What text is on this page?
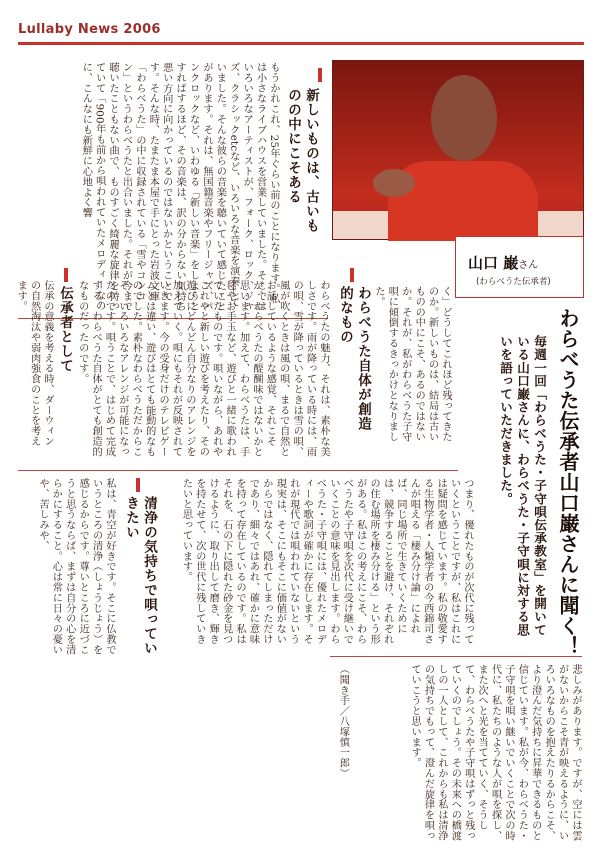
Lullaby News 2006
新しいものは、古いものの中にこそある
もうかれこれ、25年ぐらい前のことになります。私は小さなライブハウスを営業していました。そこではいろいろなアーティストが、フォーク、ロック、ジャズ、クラシックetcなど、いろいろな音楽を演奏していました。そんな彼らの音楽を聴いていて感じたことがあります。それは、無国籍音楽やフリージャズ、パンクロックなど、いわゆる「新しい音楽」をしようとすればするほど、その音楽は、訳の分からない気持ち悪い方向に向かっているのではないかということです。そんな時、たまたま本屋で手にとった岩波文庫「わらべうた」の中に収録されている「雪やコンコン」というわらべうたと出合いました。それが今まで聴いたこともない曲で、ものすごく綺麗な旋律を持っていて「900年も前から唄われていたメロディーなのに、こんなにも新鮮に心地よく響
山口 巌さん
(わらべうた伝承者)
伝承者として
伝承の意義を考える時、ダーウィンの自然淘汰や弱肉強食のことを考えます。	わらべうた自体が創造的なもの
わらべうたの魅力、それは、素朴な美しさです。雨が降っている時には、雨の唄、雪が降っているときは雪の唄、風が吹くときは風の唄、まるで自然とお話しているような感覚、それこそが、わらべうたの醍醐味ではないかと思います。加えて、わらべうたは、手毬やお手玉など、遊びと一緒に歌われていたものです。唄いながら、あれやこれやと新しい遊びを考えたり、その遊びにどんどん自分なりのアレンジを加えていく。唄にもそれが反映されていきます。今の受身だけのテレビゲームとは違い、遊びはとても能動的なものでした。素朴なわらべうただからこそ、いろいろなアレンジが可能になったのです。唄うことで、はじめて完成する。わらべうた自体がとても創造的なものだったのです。	く」どうしてこれほど残ってきたのか。新しいものは、結局は古いものの中にこそ、あるのではないか。それが、私がわらべうた子守唄に傾倒するきっかけとなりました。
わらべうた伝承者山口巌さんに聞く！
毎週一回「わらべうた・子守唄伝承教室」を開いている山口巌さんに、わらべうた・子守唄に対する思いを語っていただきました。
つまり、優れたものが次代に残っていくということですが、私はこれには疑問を感じています。私の敬愛する生物学者・人類学者の今西錦司さんが唱える「棲み分け論」によれば、同じ場所で生きていくためには、競争することを避け、それぞれの住む場所を棲み分ける」という形がある。私はこの考えにこそ、わらべうたや子守唄を次代に受け継いでいくことの意味を見出します。わらべうた・子守唄には、優れたメロディーや歌詞が確かに存在します。それが現代では唄われていないという現実は、そこにもそこに価値がないからではなく、隠れてしまっただけであり、細々ではあれ、確かに意味を持って存在しているのです。私はそれを、石の下に隠れた砂金を見つけるように、取り出して磨き、輝きを持たせて、次の世代に残していきたいと思っています。
清浄の気持ちで唄っていきたい
私は、青空が好きです。そこに仏教でいうところの清浄（しょうじょう）を感じるからです。尊いところに近づこうと思うならば、まずは自分の心を清らかにすること。心は常に日々の憂いや、苦しみや、
悲しみがあります。ですが、空には雲がないからこそ青が映えるように、いろいろなものを抱えたりるからこそ、より澄んだ気持ちに昇華できるものと信じています。私が今、わらべうた・子守唄を唄い継いでいくことで次の時代に、私たちのような人が唄を探し、また次へと光を当てていく、そうして、わらべうたや子守唄はずっと残っていくのでしょう。その未来への橋渡しの一人として、これからも私は清浄の気持ちでもって、澄んだ旋律を唄っていこうと思います。
（聞き手／八塚慎一郎）
